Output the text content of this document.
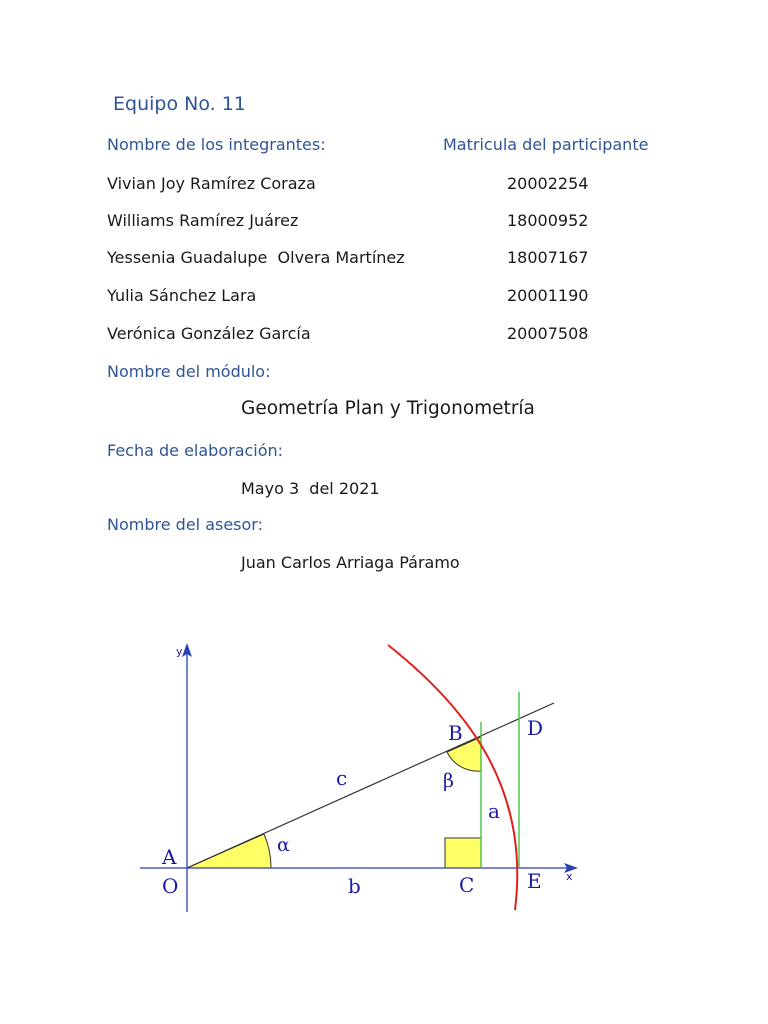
Equipo No. 11
Nombre de los integrantes:	Matricula del participante
Vivian Joy Ramírez Coraza	20002254
Williams Ramírez Juárez	18000952
Yessenia Guadalupe  Olvera Martínez	18007167
Yulia Sánchez Lara	20001190
Verónica González García	20007508
Nombre del módulo:
Geometría Plan y Trigonometría
Fecha de elaboración:
Mayo 3  del 2021
Nombre del asesor:
Juan Carlos Arriaga Páramo
y
x
A
O
B
C
D
E
a
b
c
α
β
